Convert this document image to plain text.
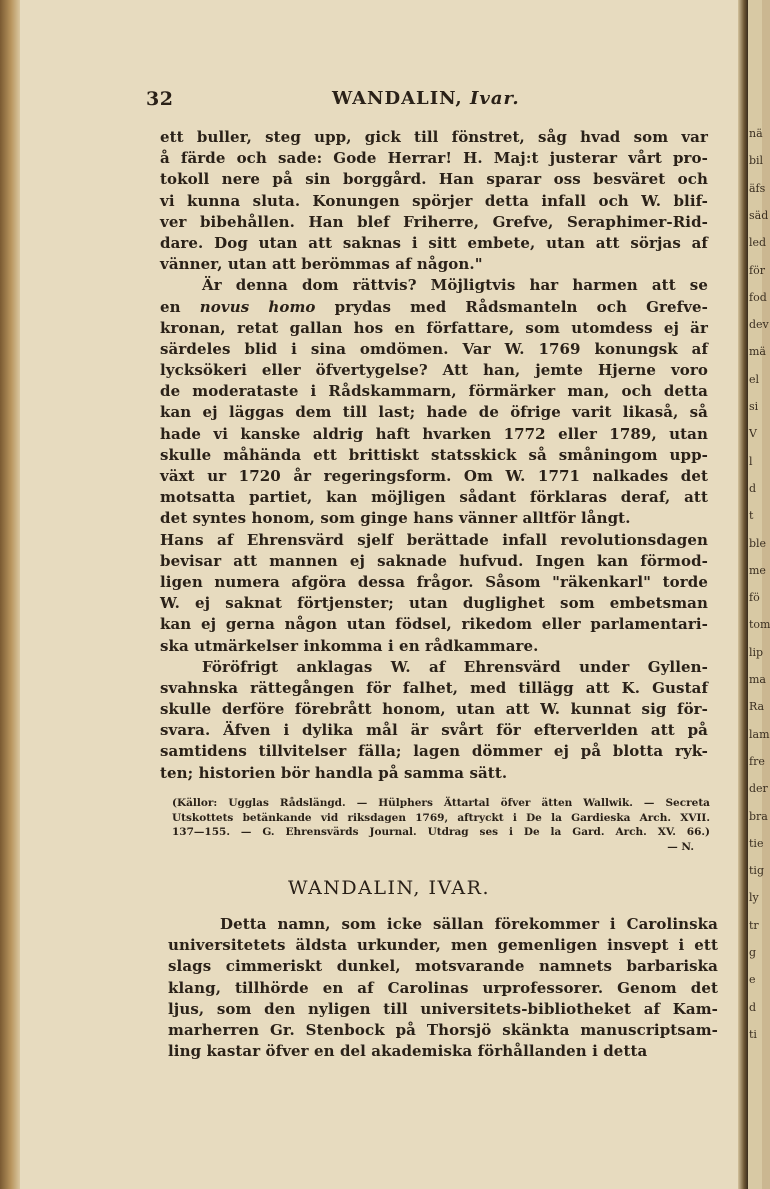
nä
bil
äfs
säd
led
för
fod
dev
mä
el
si
V
l
d
t
ble
me
fö
tom
lip
ma
Ra
lam
fre
der
bra
tie
tig
ly
tr
g
e
d
ti
32	WANDALIN, Ivar.
ett buller, steg upp, gick till fönstret, såg hvad som var
å färde och sade: Gode Herrar! H. Maj:t justerar vårt pro-
tokoll nere på sin borggård. Han sparar oss besväret och
vi kunna sluta. Konungen spörjer detta infall och W. blif-
ver bibehållen. Han blef Friherre, Grefve, Seraphimer-Rid-
dare. Dog utan att saknas i sitt embete, utan att sörjas af
vänner, utan att berömmas af någon."
Är denna dom rättvis? Möjligtvis har harmen att se
en novus homo prydas med Rådsmanteln och Grefve-
kronan, retat gallan hos en författare, som utomdess ej är
särdeles blid i sina omdömen. Var W. 1769 konungsk af
lycksökeri eller öfvertygelse? Att han, jemte Hjerne voro
de moderataste i Rådskammarn, förmärker man, och detta
kan ej läggas dem till last; hade de öfrige varit likaså, så
hade vi kanske aldrig haft hvarken 1772 eller 1789, utan
skulle måhända ett brittiskt statsskick så småningom upp-
växt ur 1720 år regeringsform. Om W. 1771 nalkades det
motsatta partiet, kan möjligen sådant förklaras deraf, att
det syntes honom, som ginge hans vänner alltför långt.
Hans af Ehrensvärd sjelf berättade infall revolutionsdagen
bevisar att mannen ej saknade hufvud. Ingen kan förmod-
ligen numera afgöra dessa frågor. Såsom "räkenkarl" torde
W. ej saknat förtjenster; utan duglighet som embetsman
kan ej gerna någon utan födsel, rikedom eller parlamentari-
ska utmärkelser inkomma i en rådkammare.
Föröfrigt anklagas W. af Ehrensvärd under Gyllen-
svahnska rättegången för falhet, med tillägg att K. Gustaf
skulle derföre förebrått honom, utan att W. kunnat sig för-
svara. Äfven i dylika mål är svårt för efterverlden att på
samtidens tillvitelser fälla; lagen dömmer ej på blotta ryk-
ten; historien bör handla på samma sätt.
(Källor: Ugglas Rådslängd. — Hülphers Ättartal öfver ätten Wallwik. — Secreta
Utskottets betänkande vid riksdagen 1769, aftryckt i De la Gardieska Arch. XVII.
137—155. — G. Ehrensvärds Journal. Utdrag ses i De la Gard. Arch. XV. 66.)
— N.
WANDALIN, IVAR.
Detta namn, som icke sällan förekommer i Carolinska
universitetets äldsta urkunder, men gemenligen insvept i ett
slags cimmeriskt dunkel, motsvarande namnets barbariska
klang, tillhörde en af Carolinas urprofessorer. Genom det
ljus, som den nyligen till universitets-bibliotheket af Kam-
marherren Gr. Stenbock på Thorsjö skänkta manuscriptsam-
ling kastar öfver en del akademiska förhållanden i detta
